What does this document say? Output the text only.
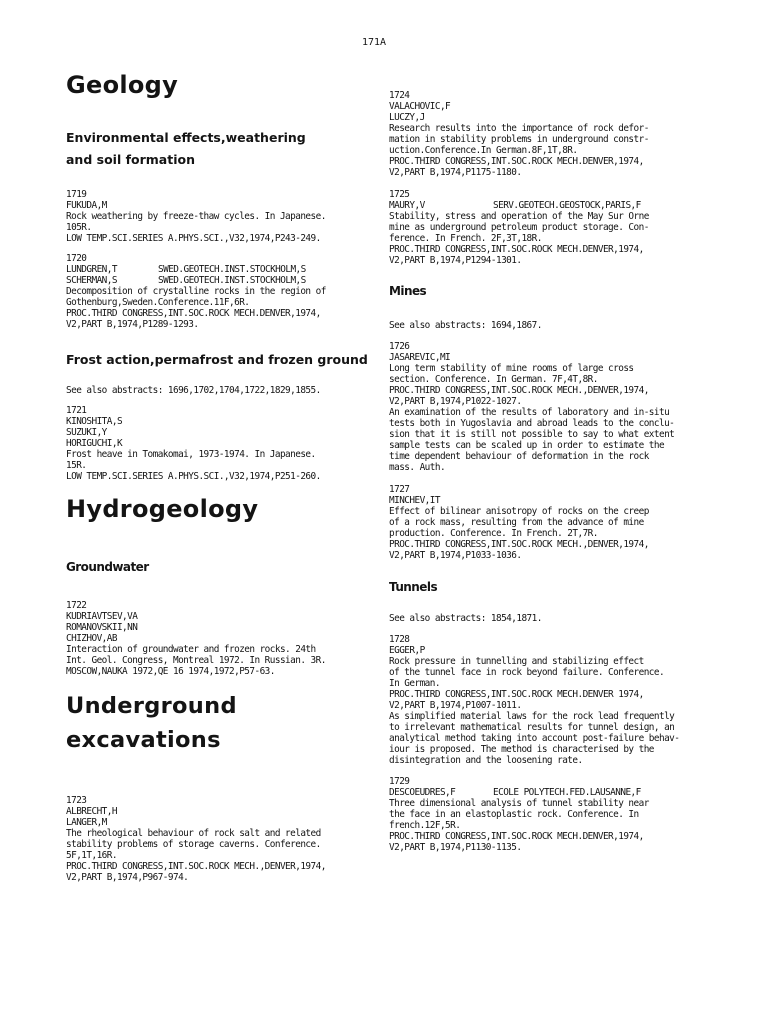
171A
Geology
Environmental effects,weathering
and soil formation
1719
FUKUDA,M
Rock weathering by freeze-thaw cycles. In Japanese.
105R.
LOW TEMP.SCI.SERIES A.PHYS.SCI.,V32,1974,P243-249.
1720
LUNDGREN,T	SWED.GEOTECH.INST.STOCKHOLM,S
SCHERMAN,S	SWED.GEOTECH.INST.STOCKHOLM,S
Decomposition of crystalline rocks in the region of
Gothenburg,Sweden.Conference.11F,6R.
PROC.THIRD CONGRESS,INT.SOC.ROCK MECH.DENVER,1974,
V2,PART B,1974,P1289-1293.
Frost action,permafrost and frozen ground
See also abstracts: 1696,1702,1704,1722,1829,1855.
1721
KINOSHITA,S
SUZUKI,Y
HORIGUCHI,K
Frost heave in Tomakomai, 1973-1974. In Japanese.
15R.
LOW TEMP.SCI.SERIES A.PHYS.SCI.,V32,1974,P251-260.
Hydrogeology
Groundwater
1722
KUDRIAVTSEV,VA
ROMANOVSKII,NN
CHIZHOV,AB
Interaction of groundwater and frozen rocks. 24th
Int. Geol. Congress, Montreal 1972. In Russian. 3R.
MOSCOW,NAUKA 1972,QE 16 1974,1972,P57-63.
Underground
excavations
1723
ALBRECHT,H
LANGER,M
The rheological behaviour of rock salt and related
stability problems of storage caverns. Conference.
5F,1T,16R.
PROC.THIRD CONGRESS,INT.SOC.ROCK MECH.,DENVER,1974,
V2,PART B,1974,P967-974.
1724
VALACHOVIC,F
LUCZY,J
Research results into the importance of rock defor-
mation in stability problems in underground constr-
uction.Conference.In German.8F,1T,8R.
PROC.THIRD CONGRESS,INT.SOC.ROCK MECH.DENVER,1974,
V2,PART B,1974,P1175-1180.
1725
MAURY,V	SERV.GEOTECH.GEOSTOCK,PARIS,F
Stability, stress and operation of the May Sur Orne
mine as underground petroleum product storage. Con-
ference. In French. 2F,3T,18R.
PROC.THIRD CONGRESS,INT.SOC.ROCK MECH.DENVER,1974,
V2,PART B,1974,P1294-1301.
Mines
See also abstracts: 1694,1867.
1726
JASAREVIC,MI
Long term stability of mine rooms of large cross
section. Conference. In German. 7F,4T,8R.
PROC.THIRD CONGRESS,INT.SOC.ROCK MECH.,DENVER,1974,
V2,PART B,1974,P1022-1027.
An examination of the results of laboratory and in-situ
tests both in Yugoslavia and abroad leads to the conclu-
sion that it is still not possible to say to what extent
sample tests can be scaled up in order to estimate the
time dependent behaviour of deformation in the rock
mass. Auth.
1727
MINCHEV,IT
Effect of bilinear anisotropy of rocks on the creep
of a rock mass, resulting from the advance of mine
production. Conference. In French. 2T,7R.
PROC.THIRD CONGRESS,INT.SOC.ROCK MECH.,DENVER,1974,
V2,PART B,1974,P1033-1036.
Tunnels
See also abstracts: 1854,1871.
1728
EGGER,P
Rock pressure in tunnelling and stabilizing effect
of the tunnel face in rock beyond failure. Conference.
In German.
PROC.THIRD CONGRESS,INT.SOC.ROCK MECH.DENVER 1974,
V2,PART B,1974,P1007-1011.
As simplified material laws for the rock lead frequently
to irrelevant mathematical results for tunnel design, an
analytical method taking into account post-failure behav-
iour is proposed. The method is characterised by the
disintegration and the loosening rate.
1729
DESCOEUDRES,F	ECOLE POLYTECH.FED.LAUSANNE,F
Three dimensional analysis of tunnel stability near
the face in an elastoplastic rock. Conference. In
french.12F,5R.
PROC.THIRD CONGRESS,INT.SOC.ROCK MECH.DENVER,1974,
V2,PART B,1974,P1130-1135.
